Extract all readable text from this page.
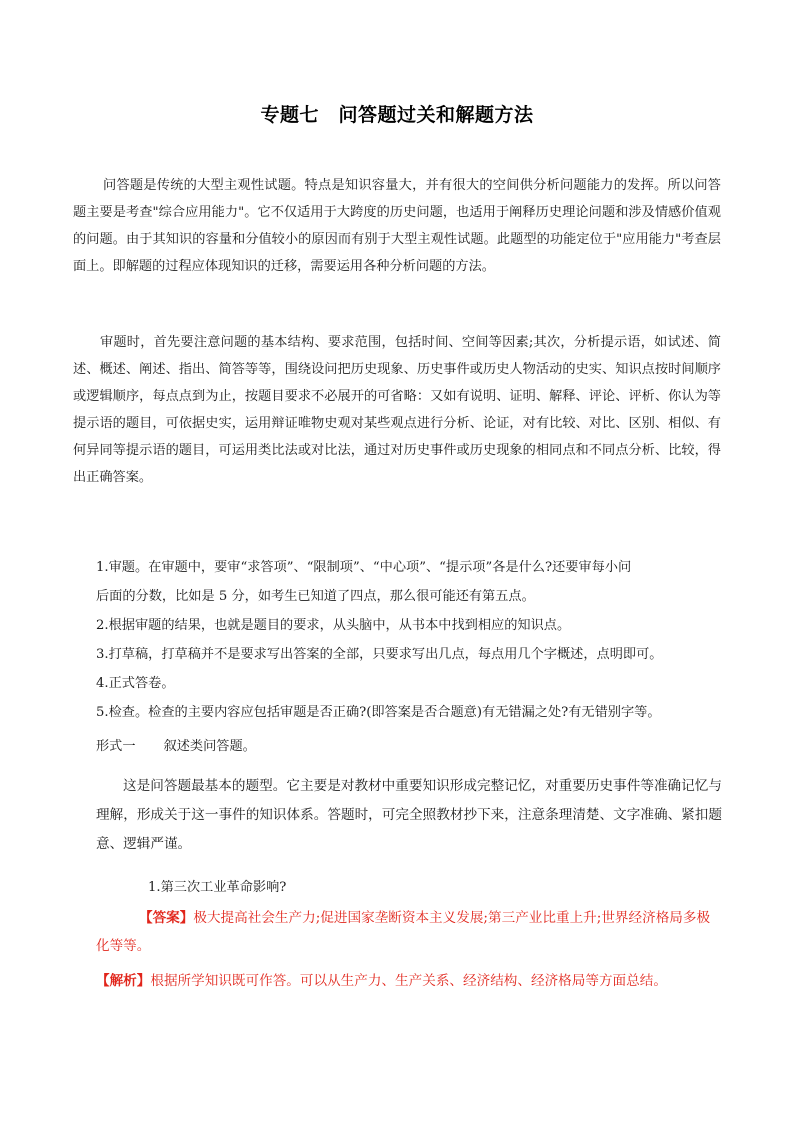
专题七　问答题过关和解题方法
问答题是传统的大型主观性试题。特点是知识容量大，并有很大的空间供分析问题能力的发挥。所以问答题主要是考查"综合应用能力"。它不仅适用于大跨度的历史问题，也适用于阐释历史理论问题和涉及情感价值观的问题。由于其知识的容量和分值较小的原因而有别于大型主观性试题。此题型的功能定位于"应用能力"考查层面上。即解题的过程应体现知识的迁移，需要运用各种分析问题的方法。
审题时，首先要注意问题的基本结构、要求范围，包括时间、空间等因素;其次，分析提示语，如试述、简述、概述、阐述、指出、简答等等，围绕设问把历史现象、历史事件或历史人物活动的史实、知识点按时间顺序或逻辑顺序，每点点到为止，按题目要求不必展开的可省略：又如有说明、证明、解释、评论、评析、你认为等提示语的题目，可依据史实，运用辩证唯物史观对某些观点进行分析、论证，对有比较、对比、区别、相似、有何异同等提示语的题目，可运用类比法或对比法，通过对历史事件或历史现象的相同点和不同点分析、比较，得出正确答案。
1.审题。在审题中，要审“求答项”、“限制项”、“中心项”、“提示项”各是什么?还要审每小问
后面的分数，比如是 5 分，如考生已知道了四点，那么很可能还有第五点。
2.根据审题的结果，也就是题目的要求，从头脑中，从书本中找到相应的知识点。
3.打草稿，打草稿并不是要求写出答案的全部，只要求写出几点，每点用几个字概述，点明即可。
4.正式答卷。
5.检查。检查的主要内容应包括审题是否正确?(即答案是否合题意)有无错漏之处?有无错别字等。
形式一 叙述类问答题。
这是问答题最基本的题型。它主要是对教材中重要知识形成完整记忆，对重要历史事件等准确记忆与理解，形成关于这一事件的知识体系。答题时，可完全照教材抄下来，注意条理清楚、文字准确、紧扣题意、逻辑严谨。
1.第三次工业革命影响?
【答案】极大提高社会生产力;促进国家垄断资本主义发展;第三产业比重上升;世界经济格局多极化等等。
【解析】根据所学知识既可作答。可以从生产力、生产关系、经济结构、经济格局等方面总结。
